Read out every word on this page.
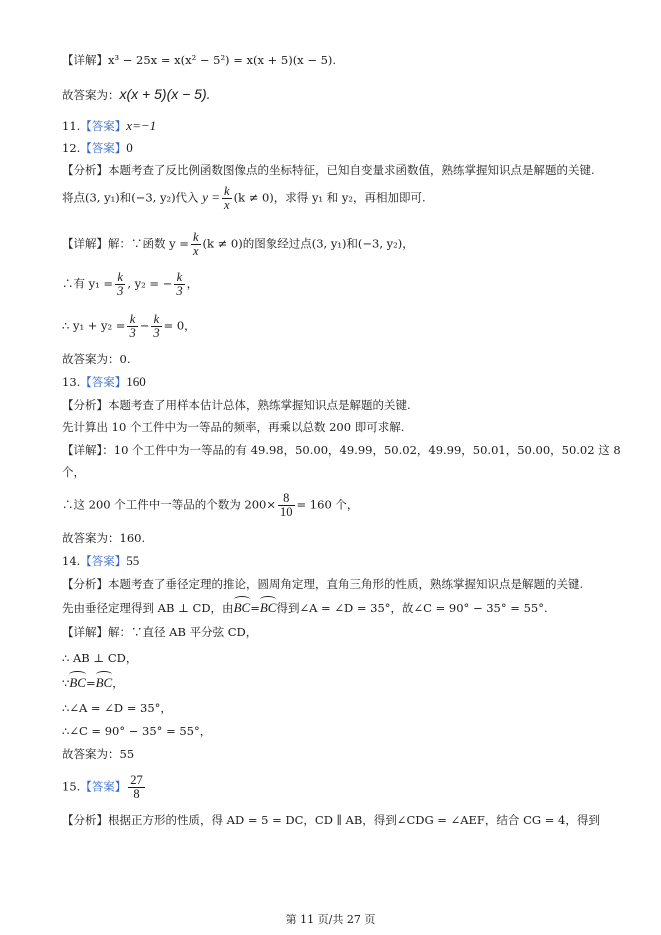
【详解】x³ − 25x = x(x² − 5²) = x(x + 5)(x − 5).
故答案为：x(x + 5)(x − 5).
11.【答案】x=−1
12.【答案】0
【分析】本题考查了反比例函数图像点的坐标特征，已知自变量求函数值，熟练掌握知识点是解题的关键.
将点(3, y₁)和(−3, y₂)代入 $y = \frac{k}{x} (k \ne 0)$，求得 y₁ 和 y₂，再相加即可.
【详解】解：∵函数 $y = \frac{k}{x} (k \ne 0)$的图象经过点(3, y₁)和(−3, y₂)，
∴有 $y_1 = \frac{k}{3}$ , y₂ = − $\frac{k}{3}$ ，
∴ $y_1 + y_2 = \frac{k}{3} - \frac{k}{3} = 0$，
故答案为：0.
13.【答案】160
【分析】本题考查了用样本估计总体，熟练掌握知识点是解题的关键.
先计算出 10 个工件中为一等品的频率，再乘以总数 200 即可求解.
【详解】：10 个工件中为一等品的有 49.98，50.00，49.99，50.02，49.99，50.01，50.00，50.02 这 8
个，
∴这 200 个工件中一等品的个数为 $200\times \frac{8}{10} = 160$ 个，
故答案为：160.
14.【答案】55
【分析】本题考查了垂径定理的推论，圆周角定理，直角三角形的性质，熟练掌握知识点是解题的关键.
先由垂径定理得到 AB ⊥ CD，由BC=BC得到∠A = ∠D = 35°，故∠C = 90° − 35° = 55°.
【详解】解：∵直径 AB 平分弦 CD，
∴ AB ⊥ CD，
∵BC=BC，
∴∠A = ∠D = 35°，
∴∠C = 90° − 35° = 55°，
故答案为：55
15.【答案】 $\frac{27}{8}$
【分析】根据正方形的性质，得 AD = 5 = DC，CD ∥ AB，得到∠CDG = ∠AEF，结合 CG = 4，得到
第 11 页/共 27 页
